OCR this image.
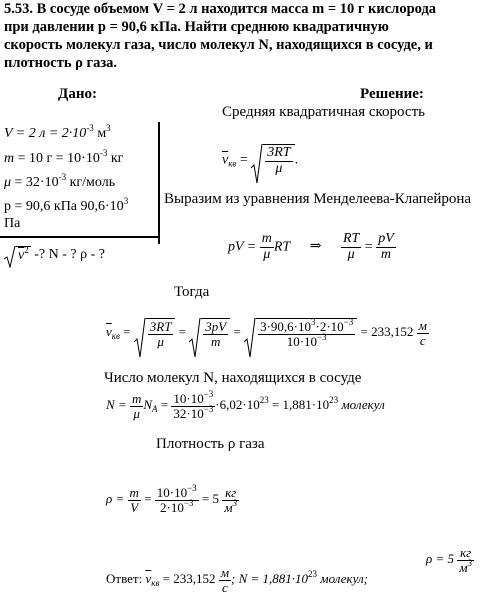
5.53. В сосуде объемом V = 2 л находится масса m = 10 г кислорода
при давлении p = 90,6 кПа. Найти среднюю квадратичную
скорость молекул газа, число молекул N, находящихся в сосуде, и
плотность ρ газа.
Дано:	Решение:
V = 2 $л = 2\cdot 10^{-3}$ $м^3$
m = 10 $г = 10\cdot 10^{-3}$ кг
$\mu = 32\cdot 10^{-3}$ кг/моль
р = 90,6 кПа $90,6\cdot 10^3$
Па
$\overline{v}^2$ -? N - ? ρ - ?
Средняя квадратичная скорость
$\overline{v}_{кв} = \frac{3RT}{\mu}$ .
Выразим из уравнения Менделеева-Клапейрона
pV = $\frac{m}{\mu}$ RT ⇒ $\frac{RT}{\mu} = \frac{pV}{m}$
Тогда
$\overline{v}_{кв} = \frac{3RT}{\mu} = \frac{3pV}{m} = \frac{3\cdot 90,6\cdot 10^3\cdot 2\cdot 10^{-3}}{10\cdot 10^{-3}} = 233,152 \frac{м}{с}$
Число молекул N, находящихся в сосуде
$N = \frac{m}{\mu} N_A = \frac{10\cdot 10^{-3}}{32\cdot 10^{-3}} \cdot 6,02\cdot 10^{23} = 1,881\cdot 10^{23}$ молекул
Плотность ρ газа
$\rho = \frac{m}{V} = \frac{10\cdot 10^{-3}}{2\cdot 10^{-3}} = 5 \frac{кг}{м^3}$
Ответ: $\overline{v}_{кв} = 233,152 \frac{м}{с}$ ; $N = 1,881\cdot 10^{23}$ молекул;
$\rho = 5 \frac{кг}{м^3}$
